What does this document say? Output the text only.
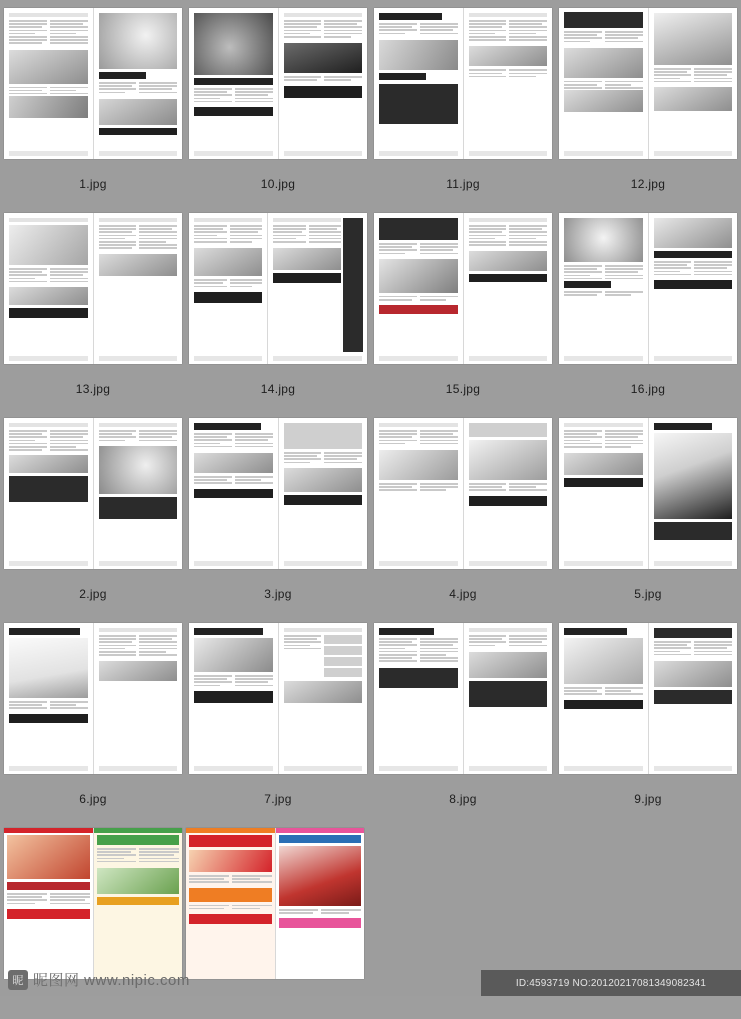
1.jpg	10.jpg	11.jpg	12.jpg
13.jpg	14.jpg	15.jpg	16.jpg
2.jpg	3.jpg	4.jpg	5.jpg
6.jpg	7.jpg	8.jpg	9.jpg
昵 昵图网 www.nipic.com	ID:4593719 NO:20120217081349082341
